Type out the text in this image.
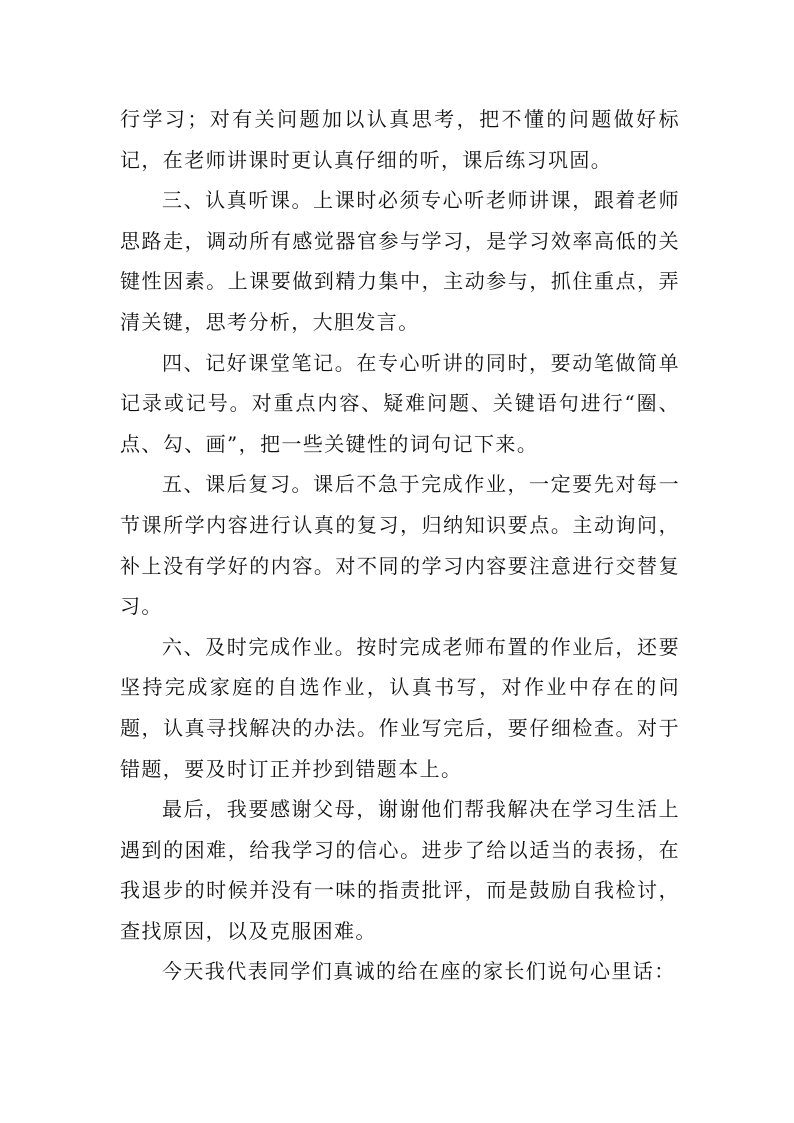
行学习；对有关问题加以认真思考，把不懂的问题做好标记，在老师讲课时更认真仔细的听，课后练习巩固。

三、认真听课。上课时必须专心听老师讲课，跟着老师思路走，调动所有感觉器官参与学习，是学习效率高低的关键性因素。上课要做到精力集中，主动参与，抓住重点，弄清关键，思考分析，大胆发言。

四、记好课堂笔记。在专心听讲的同时，要动笔做简单记录或记号。对重点内容、疑难问题、关键语句进行“圈、点、勾、画”，把一些关键性的词句记下来。

五、课后复习。课后不急于完成作业，一定要先对每一节课所学内容进行认真的复习，归纳知识要点。主动询问，补上没有学好的内容。对不同的学习内容要注意进行交替复习。

六、及时完成作业。按时完成老师布置的作业后，还要坚持完成家庭的自选作业，认真书写，对作业中存在的问题，认真寻找解决的办法。作业写完后，要仔细检查。对于错题，要及时订正并抄到错题本上。

最后，我要感谢父母，谢谢他们帮我解决在学习生活上遇到的困难，给我学习的信心。进步了给以适当的表扬，在我退步的时候并没有一味的指责批评，而是鼓励自我检讨，查找原因，以及克服困难。

今天我代表同学们真诚的给在座的家长们说句心里话：
